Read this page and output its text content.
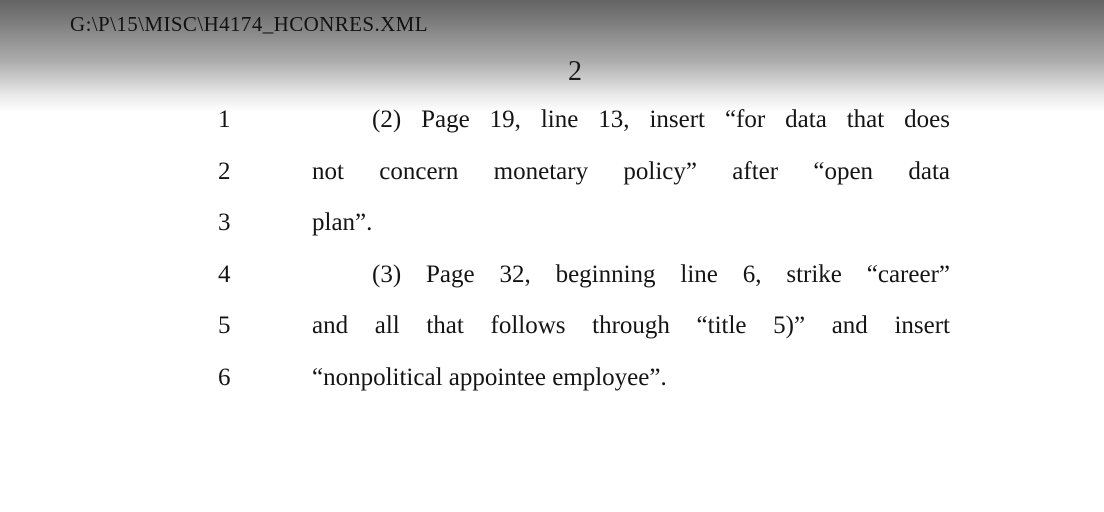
G:\P\15\MISC\H4174_HCONRES.XML
2
1	(2) Page 19, line 13, insert “for data that does
2	not concern monetary policy” after “open data
3	plan”.
4	(3) Page 32, beginning line 6, strike “career”
5	and all that follows through “title 5)” and insert
6	“nonpolitical appointee employee”.
